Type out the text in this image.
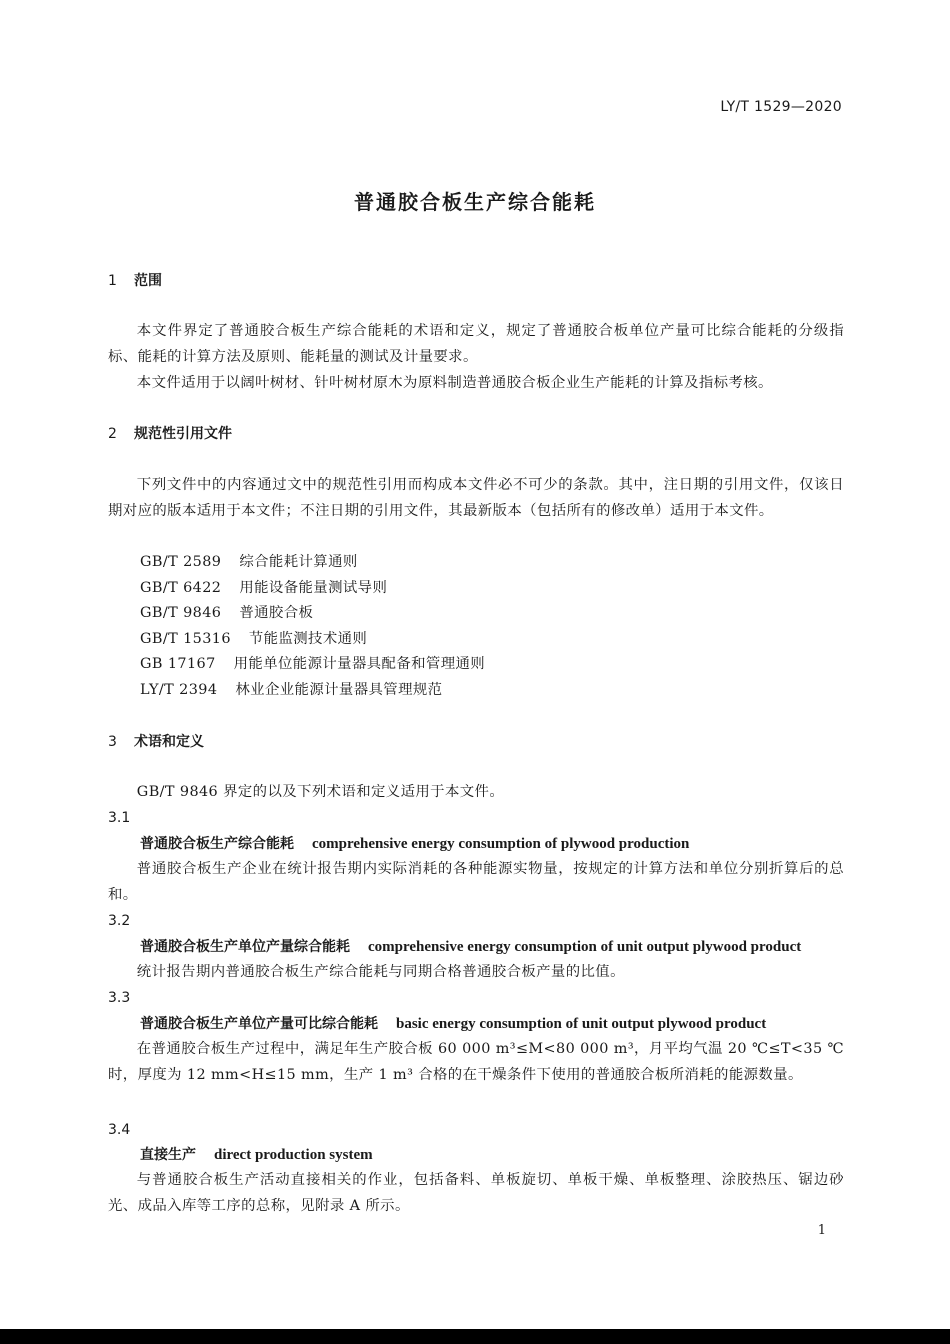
LY/T 1529—2020
普通胶合板生产综合能耗
1 范围
本文件界定了普通胶合板生产综合能耗的术语和定义，规定了普通胶合板单位产量可比综合能耗的分级指标、能耗的计算方法及原则、能耗量的测试及计量要求。
本文件适用于以阔叶树材、针叶树材原木为原料制造普通胶合板企业生产能耗的计算及指标考核。
2 规范性引用文件
下列文件中的内容通过文中的规范性引用而构成本文件必不可少的条款。其中，注日期的引用文件，仅该日期对应的版本适用于本文件；不注日期的引用文件，其最新版本（包括所有的修改单）适用于本文件。
GB/T 2589 综合能耗计算通则
GB/T 6422 用能设备能量测试导则
GB/T 9846 普通胶合板
GB/T 15316 节能监测技术通则
GB 17167 用能单位能源计量器具配备和管理通则
LY/T 2394 林业企业能源计量器具管理规范
3 术语和定义
GB/T 9846 界定的以及下列术语和定义适用于本文件。
3.1
普通胶合板生产综合能耗 comprehensive energy consumption of plywood production
普通胶合板生产企业在统计报告期内实际消耗的各种能源实物量，按规定的计算方法和单位分别折算后的总和。
3.2
普通胶合板生产单位产量综合能耗 comprehensive energy consumption of unit output plywood product
统计报告期内普通胶合板生产综合能耗与同期合格普通胶合板产量的比值。
3.3
普通胶合板生产单位产量可比综合能耗 basic energy consumption of unit output plywood product
在普通胶合板生产过程中，满足年生产胶合板 60 000 m³≤M<80 000 m³，月平均气温 20 ℃≤T<35 ℃时，厚度为 12 mm<H≤15 mm，生产 1 m³ 合格的在干燥条件下使用的普通胶合板所消耗的能源数量。
3.4
直接生产 direct production system
与普通胶合板生产活动直接相关的作业，包括备料、单板旋切、单板干燥、单板整理、涂胶热压、锯边砂光、成品入库等工序的总称，见附录 A 所示。
1
